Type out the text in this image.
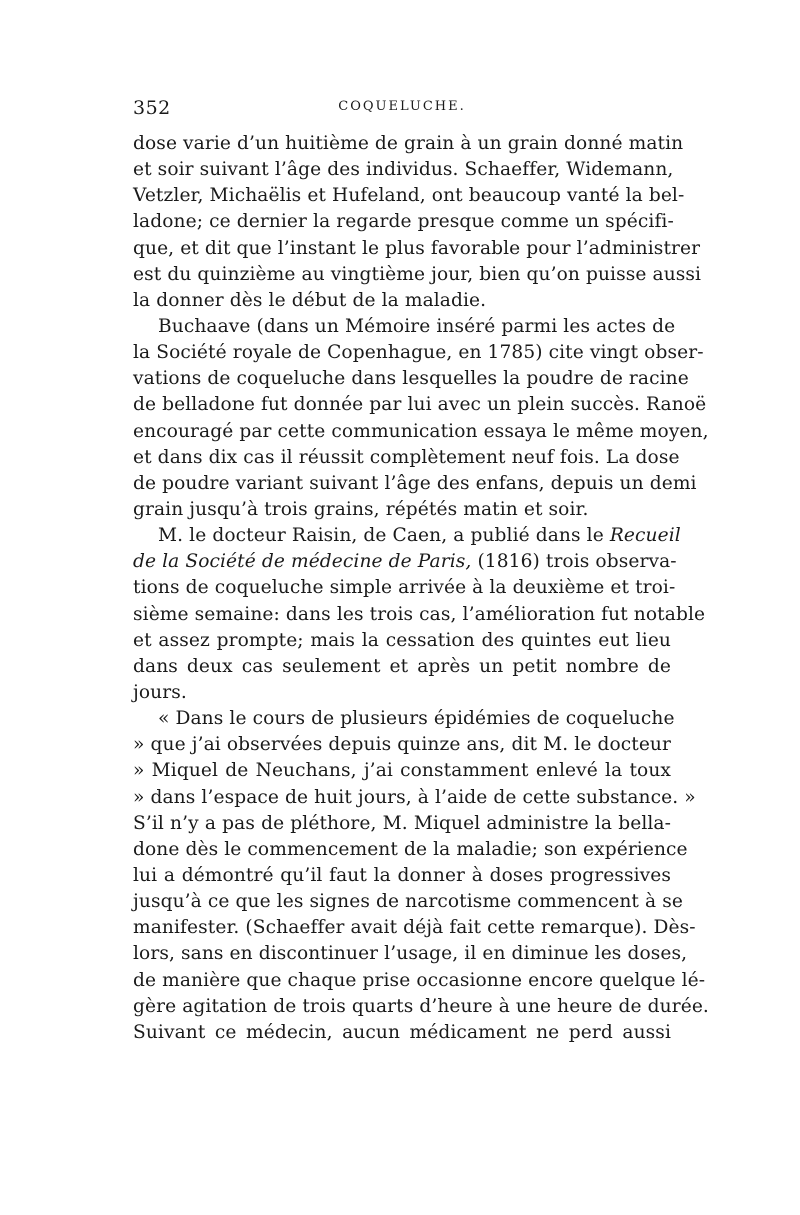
352	COQUELUCHE.
dose varie d’un huitième de grain à un grain donné matin
et soir suivant l’âge des individus. Schaeffer, Widemann,
Vetzler, Michaëlis et Hufeland, ont beaucoup vanté la bel-
ladone; ce dernier la regarde presque comme un spécifi-
que, et dit que l’instant le plus favorable pour l’administrer
est du quinzième au vingtième jour, bien qu’on puisse aussi
la donner dès le début de la maladie.
Buchaave (dans un Mémoire inséré parmi les actes de
la Société royale de Copenhague, en 1785) cite vingt obser-
vations de coqueluche dans lesquelles la poudre de racine
de belladone fut donnée par lui avec un plein succès. Ranoë
encouragé par cette communication essaya le même moyen,
et dans dix cas il réussit complètement neuf fois. La dose
de poudre variant suivant l’âge des enfans, depuis un demi
grain jusqu’à trois grains, répétés matin et soir.
M. le docteur Raisin, de Caen, a publié dans le Recueil
de la Société de médecine de Paris, (1816) trois observa-
tions de coqueluche simple arrivée à la deuxième et troi-
sième semaine: dans les trois cas, l’amélioration fut notable
et assez prompte; mais la cessation des quintes eut lieu
dans deux cas seulement et après un petit nombre de
jours.
« Dans le cours de plusieurs épidémies de coqueluche
» que j’ai observées depuis quinze ans, dit M. le docteur
» Miquel de Neuchans, j’ai constamment enlevé la toux
» dans l’espace de huit jours, à l’aide de cette substance. »
S’il n’y a pas de pléthore, M. Miquel administre la bella-
done dès le commencement de la maladie; son expérience
lui a démontré qu’il faut la donner à doses progressives
jusqu’à ce que les signes de narcotisme commencent à se
manifester. (Schaeffer avait déjà fait cette remarque). Dès-
lors, sans en discontinuer l’usage, il en diminue les doses,
de manière que chaque prise occasionne encore quelque lé-
gère agitation de trois quarts d’heure à une heure de durée.
Suivant ce médecin, aucun médicament ne perd aussi
